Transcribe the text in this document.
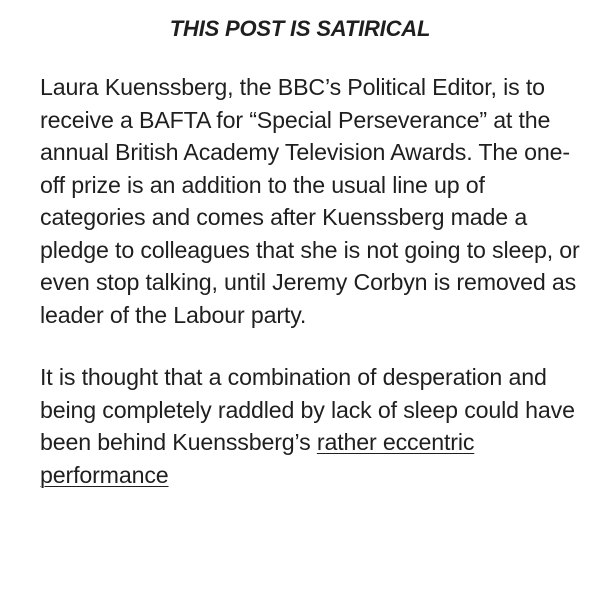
THIS POST IS SATIRICAL

Laura Kuenssberg, the BBC’s Political Editor, is to receive a BAFTA for “Special Perseverance” at the annual British Academy Television Awards. The one-off prize is an addition to the usual line up of categories and comes after Kuenssberg made a pledge to colleagues that she is not going to sleep, or even stop talking, until Jeremy Corbyn is removed as leader of the Labour party.

It is thought that a combination of desperation and being completely raddled by lack of sleep could have been behind Kuenssberg’s rather eccentric performance
